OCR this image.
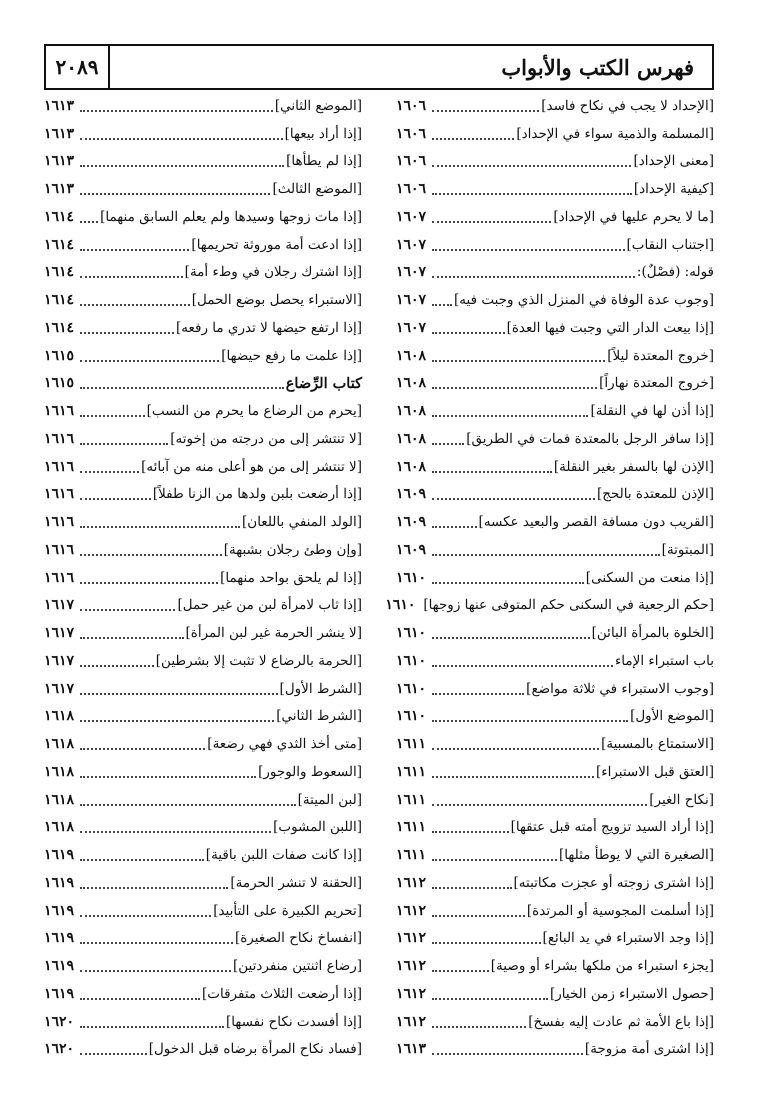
٢٠٨٩	فهرس الكتب والأبواب
[الإحداد لا يجب في نكاح فاسد]
١٦٠٦
[المسلمة والذمية سواء في الإحداد]
١٦٠٦
[معنى الإحداد]
١٦٠٦
[كيفية الإحداد]
١٦٠٦
[ما لا يحرم عليها في الإحداد]
١٦٠٧
[اجتناب النقاب]
١٦٠٧
قوله: (فصْلٌ):
١٦٠٧
[وجوب عدة الوفاة في المنزل الذي وجبت فيه]
١٦٠٧
[إذا بيعت الدار التي وجبت فيها العدة]
١٦٠٧
[خروج المعتدة ليلاً]
١٦٠٨
[خروج المعتدة نهاراً]
١٦٠٨
[إذا أذن لها في النقلة]
١٦٠٨
[إذا سافر الرجل بالمعتدة فمات في الطريق]
١٦٠٨
[الإذن لها بالسفر بغير النقلة]
١٦٠٨
[الإذن للمعتدة بالحج]
١٦٠٩
[القريب دون مسافة القصر والبعيد عكسه]
١٦٠٩
[المبتوتة]
١٦٠٩
[إذا منعت من السكنى]
١٦١٠
[حكم الرجعية في السكنى حكم المتوفى عنها زوجها]
١٦١٠
[الخلوة بالمرأة البائن]
١٦١٠
باب استبراء الإماء
١٦١٠
[وجوب الاستبراء في ثلاثة مواضع]
١٦١٠
[الموضع الأول]
١٦١٠
[الاستمتاع بالمسبية]
١٦١١
[العتق قبل الاستبراء]
١٦١١
[نكاح الغير]
١٦١١
[إذا أراد السيد تزويج أمته قبل عتقها]
١٦١١
[الصغيرة التي لا يوطأ مثلها]
١٦١١
[إذا اشترى زوجته أو عجزت مكاتبته]
١٦١٢
[إذا أسلمت المجوسية أو المرتدة]
١٦١٢
[إذا وجد الاستبراء في يد البائع]
١٦١٢
[يجزء استبراء من ملكها بشراء أو وصية]
١٦١٢
[حصول الاستبراء زمن الخيار]
١٦١٢
[إذا باع الأمة ثم عادت إليه بفسخ]
١٦١٢
[إذا اشترى أمة مزوجة]
١٦١٣
[الموضع الثاني]
١٦١٣
[إذا أراد بيعها]
١٦١٣
[إذا لم يطأها]
١٦١٣
[الموضع الثالث]
١٦١٣
[إذا مات زوجها وسيدها ولم يعلم السابق منهما]
١٦١٤
[إذا ادعت أمة موروثة تحريمها]
١٦١٤
[إذا اشترك رجلان في وطء أمة]
١٦١٤
[الاستبراء يحصل بوضع الحمل]
١٦١٤
[إذا ارتفع حيضها لا تدري ما رفعه]
١٦١٤
[إذا علمت ما رفع حيضها]
١٦١٥
كتاب الرِّضاع
١٦١٥
[يحرم من الرضاع ما يحرم من النسب]
١٦١٦
[لا تنتشر إلى من درجته من إخوته]
١٦١٦
[لا تنتشر إلى من هو أعلى منه من آبائه]
١٦١٦
[إذا أرضعت بلبن ولدها من الزنا طفلاً]
١٦١٦
[الولد المنفي باللعان]
١٦١٦
[وإن وطئ رجلان بشبهة]
١٦١٦
[إذا لم يلحق بواحد منهما]
١٦١٦
[إذا ثاب لامرأة لبن من غير حمل]
١٦١٧
[لا ينشر الحرمة غير لبن المرأة]
١٦١٧
[الحرمة بالرضاع لا تثبت إلا بشرطين]
١٦١٧
[الشرط الأول]
١٦١٧
[الشرط الثاني]
١٦١٨
[متى أخذ الثدي فهي رضعة]
١٦١٨
[السعوط والوجور]
١٦١٨
[لبن الميتة]
١٦١٨
[اللبن المشوب]
١٦١٨
[إذا كانت صفات اللبن باقية]
١٦١٩
[الحقنة لا تنشر الحرمة]
١٦١٩
[تحريم الكبيرة على التأبيد]
١٦١٩
[انفساخ نكاح الصغيرة]
١٦١٩
[رضاع اثنتين منفردتين]
١٦١٩
[إذا أرضعت الثلاث متفرقات]
١٦١٩
[إذا أفسدت نكاح نفسها]
١٦٢٠
[فساد نكاح المرأة برضاه قبل الدخول]
١٦٢٠
